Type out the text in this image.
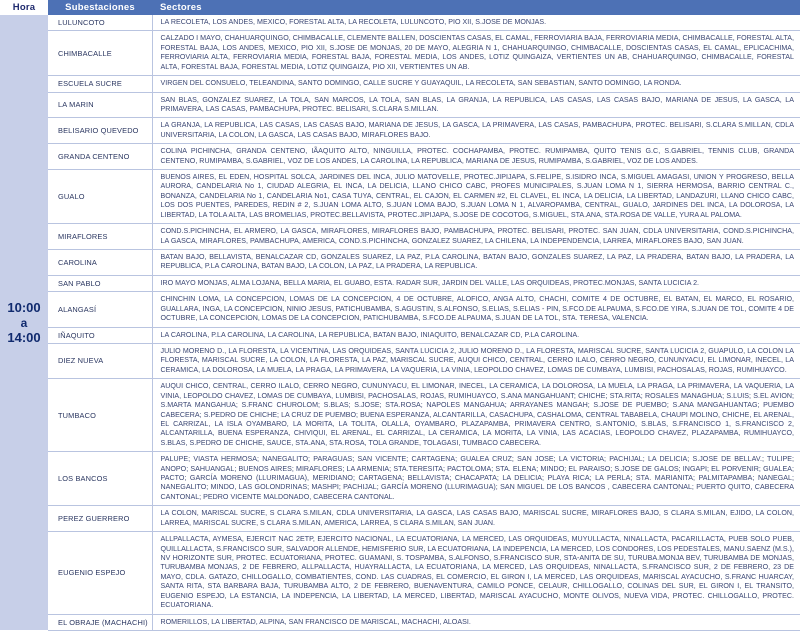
Hora	Subestaciones	Sectores

10:00
a
14:00	LULUNCOTO	LA RECOLETA, LOS ANDES, MEXICO, FORESTAL ALTA, LA RECOLETA, LULUNCOTO, PIO XII, S.JOSE DE MONJAS.
	CHIMBACALLE	CALZADO I MAYO, CHAHUARQUINGO, CHIMBACALLE, CLEMENTE BALLEN, DOSCIENTAS CASAS, EL CAMAL, FERROVIARIA BAJA, FERROVIARIA MEDIA, CHIMBACALLE, FORESTAL ALTA, FORESTAL BAJA, LOS ANDES, MEXICO, PIO XII, S.JOSE DE MONJAS, 20 DE MAYO, ALEGRIA N 1, CHAHUARQUINGO, CHIMBACALLE, DOSCIENTAS CASAS, EL CAMAL, EPLICACHIMA, FERROVIARIA ALTA, FERROVIARIA MEDIA, FORESTAL BAJA, FORESTAL MEDIA, LOS ANDES, LOTIZ QUINGAIZA, VERTIENTES UN AB, CHAHUARQUINGO, CHIMBACALLE, FORESTAL ALTA, FORESTAL BAJA, FORESTAL MEDIA, LOTIZ QUINGAIZA, PIO XII, VERTIENTES UN AB.
	ESCUELA SUCRE	VIRGEN DEL CONSUELO, TELEANDINA, SANTO DOMINGO, CALLE SUCRE Y GUAYAQUIL, LA RECOLETA, SAN SEBASTIAN, SANTO DOMINGO, LA RONDA.
	LA MARIN	SAN BLAS, GONZALEZ SUAREZ, LA TOLA, SAN MARCOS, LA TOLA, SAN BLAS, LA GRANJA, LA REPUBLICA, LAS CASAS, LAS CASAS BAJO, MARIANA DE JESUS, LA GASCA, LA PRIMAVERA, LAS CASAS, PAMBACHUPA, PROTEC. BELISARI, S.CLARA S.MILLAN.
	BELISARIO QUEVEDO	LA GRANJA, LA REPUBLICA, LAS CASAS, LAS CASAS BAJO, MARIANA DE JESUS, LA GASCA, LA PRIMAVERA, LAS CASAS, PAMBACHUPA, PROTEC. BELISARI, S.CLARA S.MILLAN, CDLA UNIVERSITARIA, LA COLON, LA GASCA, LAS CASAS BAJO, MIRAFLORES BAJO.
	GRANDA CENTENO	COLINA PICHINCHA, GRANDA CENTENO, IÃAQUITO ALTO, NINGUILLA, PROTEC. COCHAPAMBA, PROTEC. RUMIPAMBA, QUITO TENIS G.C, S.GABRIEL, TENNIS CLUB, GRANDA CENTENO, RUMIPAMBA, S.GABRIEL, VOZ DE LOS ANDES, LA CAROLINA, LA REPUBLICA, MARIANA DE JESUS, RUMIPAMBA, S.GABRIEL, VOZ DE LOS ANDES.
	GUALO	BUENOS AIRES, EL EDEN, HOSPITAL SOLCA, JARDINES DEL INCA, JULIO MATOVELLE, PROTEC.JIPIJAPA, S.FELIPE, S.ISIDRO INCA, S.MIGUEL AMAGASI, UNION Y PROGRESO, BELLA AURORA, CANDELARIA No 1, CIUDAD ALEGRIA, EL INCA, LA DELICIA, LLANO CHICO CABC, PROFES MUNICIPALES, S.JUAN LOMA N 1, SIERRA HERMOSA, BARRIO CENTRAL C., BONANZA, CANDELARIA No 1, CANDELARIA No1, CASA TUYA, CENTRAL, EL CAJON, EL CARMEN #2, EL CLAVEL, EL INCA, LA DELICIA, LA LIBERTAD, LANDAZURI, LLANO CHICO CABC, LOS DOS PUENTES, PAREDES, REDIN # 2, S.JUAN LOMA ALTO, S.JUAN LOMA BAJO, S.JUAN LOMA N 1, ALVAROPAMBA, CENTRAL, GUALO, JARDINES DEL INCA, LA DOLOROSA, LA LIBERTAD, LA TOLA ALTA, LAS BROMELIAS, PROTEC.BELLAVISTA, PROTEC.JIPIJAPA, S.JOSE DE COCOTOG, S.MIGUEL, STA.ANA, STA.ROSA DE VALLE, YURA AL PALOMA.
	MIRAFLORES	COND.S.PICHINCHA, EL ARMERO, LA GASCA, MIRAFLORES, MIRAFLORES BAJO, PAMBACHUPA, PROTEC. BELISARI, PROTEC. SAN JUAN, CDLA UNIVERSITARIA, COND.S.PICHINCHA, LA GASCA, MIRAFLORES, PAMBACHUPA, AMERICA, COND.S.PICHINCHA, GONZALEZ SUAREZ, LA CHILENA, LA INDEPENDENCIA, LARREA, MIRAFLORES BAJO, SAN JUAN.
	CAROLINA	BATAN BAJO, BELLAVISTA, BENALCAZAR CD, GONZALES SUAREZ, LA PAZ, P.LA CAROLINA, BATAN BAJO, GONZALES SUAREZ, LA PAZ, LA PRADERA, BATAN BAJO, LA PRADERA, LA REPUBLICA, P.LA CAROLINA, BATAN BAJO, LA COLON, LA PAZ, LA PRADERA, LA REPUBLICA.
	SAN PABLO	IRO MAYO MONJAS, ALMA LOJANA, BELLA MARIA, EL GUABO, ESTA. RADAR SUR, JARDIN DEL VALLE, LAS ORQUIDEAS, PROTEC.MONJAS, SANTA LUCICIA 2.
	ALANGASÍ	CHINCHIN LOMA, LA CONCEPCION, LOMAS DE LA CONCEPCION, 4 DE OCTUBRE, ALOFICO, ANGA ALTO, CHACHI, COMITE 4 DE OCTUBRE, EL BATAN, EL MARCO, EL ROSARIO, GUALLARA, INGA, LA CONCEPCION, NINIO JESUS, PATICHUBAMBA, S.AGUSTIN, S.ALFONSO, S.ELIAS, S.ELIAS - PIN, S.FCO.DE ALPAUMA, S.FCO.DE YIRA, S.JUAN DE TOL, COMITE 4 DE OCTUBRE, LA CONCEPCION, LOMAS DE LA CONCEPCION, PATICHUBAMBA, S.FCO.DE ALPAUMA, S.JUAN DE LA TOL, STA. TERESA, VALENCIA.
	IÑAQUITO	LA CAROLINA, P.LA CAROLINA, LA CAROLINA, LA REPUBLICA, BATAN BAJO, INIAQUITO, BENALCAZAR CD, P.LA CAROLINA.
	DIEZ NUEVA	JULIO MORENO D., LA FLORESTA, LA VICENTINA, LAS ORQUIDEAS, SANTA LUCICIA 2, JULIO MORENO D., LA FLORESTA, MARISCAL SUCRE, SANTA LUCICIA 2, GUAPULO, LA COLON LA FLORESTA, MARISCAL SUCRE, LA COLON, LA FLORESTA, LA PAZ, MARISCAL SUCRE, AUQUI CHICO, CENTRAL, CERRO ILALO, CERRO NEGRO, CUNUNYACU, EL LIMONAR, INECEL, LA CERAMICA, LA DOLOROSA, LA MUELA, LA PRAGA, LA PRIMAVERA, LA VAQUERIA, LA VINIA, LEOPOLDO CHAVEZ, LOMAS DE CUMBAYA, LUMBISI, PACHOSALAS, ROJAS, RUMIHUAYCO.
	TUMBACO	AUQUI CHICO, CENTRAL, CERRO ILALO, CERRO NEGRO, CUNUNYACU, EL LIMONAR, INECEL, LA CERAMICA, LA DOLOROSA, LA MUELA, LA PRAGA, LA PRIMAVERA, LA VAQUERIA, LA VINIA, LEOPOLDO CHAVEZ, LOMAS DE CUMBAYA, LUMBISI, PACHOSALAS, ROJAS, RUMIHUAYCO, S.ANA MANGAHUANT; CHICHE; STA.RITA; ROSALES MANAGHUA; S.LUIS; S.EL AVION; S.MARTA MANGAHUA; S.FRANC CHUROLOM; S.BLAS; S.JOSE; STA.ROSA; NAPOLES MANGAHUA; ARRAYANES MANGAH; S.JOSE DE PUEMBO; S.ANA MANGAHUANTAG; PUEMBO CABECERA; S.PEDRO DE CHICHE; LA CRUZ DE PUEMBO; BUENA ESPERANZA, ALCANTARILLA, CASACHUPA, CASHALOMA, CENTRAL TABABELA, CHAUPI MOLINO, CHICHE, EL ARENAL, EL CARRIZAL, LA ISLA OYAMBARO, LA MORITA, LA TOLITA, OLALLA, OYAMBARO, PLAZAPAMBA, PRIMAVERA CENTRO, S.ANTONIO, S.BLAS, S.FRANCISCO 1, S.FRANCISCO 2, ALCANTARILLA, BUENA ESPERANZA, CHIVIQUI, EL ARENAL, EL CARRIZAL, LA CERAMICA, LA MORITA, LA VINIA, LAS ACACIAS, LEOPOLDO CHAVEZ, PLAZAPAMBA, RUMIHUAYCO, S.BLAS, S.PEDRO DE CHICHE, SAUCE, STA.ANA, STA.ROSA, TOLA GRANDE, TOLAGASI, TUMBACO CABECERA.
	LOS BANCOS	PALUPE; VIASTA HERMOSA; NANEGALITO; PARAGUAS; SAN VICENTE; CARTAGENA; GUALEA CRUZ; SAN JOSE; LA VICTORIA; PACHIJAL; LA DELICIA; S.JOSE DE BELLAV.; TULIPE; ANOPO; SAHUANGAL; BUENOS AIRES; MIRAFLORES; LA ARMENIA; STA.TERESITA; PACTOLOMA; STA. ELENA; MINDO; EL PARAISO; S.JOSE DE GALOS; INGAPI; EL PORVENIR; GUALEA; PACTO; GARCÍA MORENO (LLURIMAGUA), MERIDIANO; CARTAGENA; BELLAVISTA; CHACAPATA; LA DELICIA; PLAYA RICA; LA PERLA; STA. MARIANITA; PALMITAPAMBA; NANEGAL; NANEGALITO; MINDO, LAS GOLONDRINAS; MASHPI; PACHIJAL; GARCÍA MORENO (LLURIMAGUA); SAN MIGUEL DE LOS BANCOS , CABECERA CANTONAL; PUERTO QUITO, CABECERA CANTONAL; PEDRO VICENTE MALDONADO, CABECERA CANTONAL.
	PEREZ GUERRERO	LA COLON, MARISCAL SUCRE, S CLARA S.MILAN, CDLA UNIVERSITARIA, LA GASCA, LAS CASAS BAJO, MARISCAL SUCRE, MIRAFLORES BAJO, S CLARA S.MILAN, EJIDO, LA COLON, LARREA, MARISCAL SUCRE, S CLARA S.MILAN, AMERICA, LARREA, S CLARA S.MILAN, SAN JUAN.
	EUGENIO ESPEJO	ALLPALLACTA, AYMESA, EJERCIT NAC 2ETP, EJERCITO NACIONAL, LA ECUATORIANA, LA MERCED, LAS ORQUIDEAS, MUYULLACTA, NINALLACTA, PACARILLACTA, PUEB SOLO PUEB, QUILLALLACTA, S.FRANCISCO SUR, SALVADOR ALLENDE, HEMISFERIO SUR, LA ECUATORIANA, LA INDEPENCIA, LA MERCED, LOS CONDORES, LOS PEDESTALES, MANU.SAENZ (M.S.), NV HORIZONTE SUR, PROTEC. ECUATORIANA, PROTEC. GUAMANI, S. TOSPAMBA, S.ALFONSO, S.FRANCISCO SUR, STA-ANITA DE SU, TURUBA.MONJA BEV, TURUBAMBA DE MONJAS, TURUBAMBA MONJAS, 2 DE FEBRERO, ALLPALLACTA, HUAYRALLACTA, LA ECUATORIANA, LA MERCED, LAS ORQUIDEAS, NINALLACTA, S.FRANCISCO SUR, 2 DE FEBRERO, 23 DE MAYO, CDLA. GATAZO, CHILLOGALLO, COMBATIENTES, COND. LAS CUADRAS, EL COMERCIO, EL GIRON I, LA MERCED, LAS ORQUIDEAS, MARISCAL AYACUCHO, S.FRANC HUARCAY, SANTA RITA, STA BARBARA BAJA, TURUBAMBA ALTO, 2 DE FEBRERO, BUENAVENTURA, CAMILO PONCE, CELAUR, CHILLOGALLO, COLINAS DEL SUR, EL GIRON I, EL TRANSITO, EUGENIO ESPEJO, LA ESTANCIA, LA INDEPENCIA, LA LIBERTAD, LA MERCED, LIBERTAD, MARISCAL AYACUCHO, MONTE OLIVOS, NUEVA VIDA, PROTEC. CHILLOGALLO, PROTEC. ECUATORIANA.
	EL OBRAJE (MACHACHI)	ROMERILLOS, LA LIBERTAD, ALPINA, SAN FRANCISCO DE MARISCAL, MACHACHI, ALOASI.
